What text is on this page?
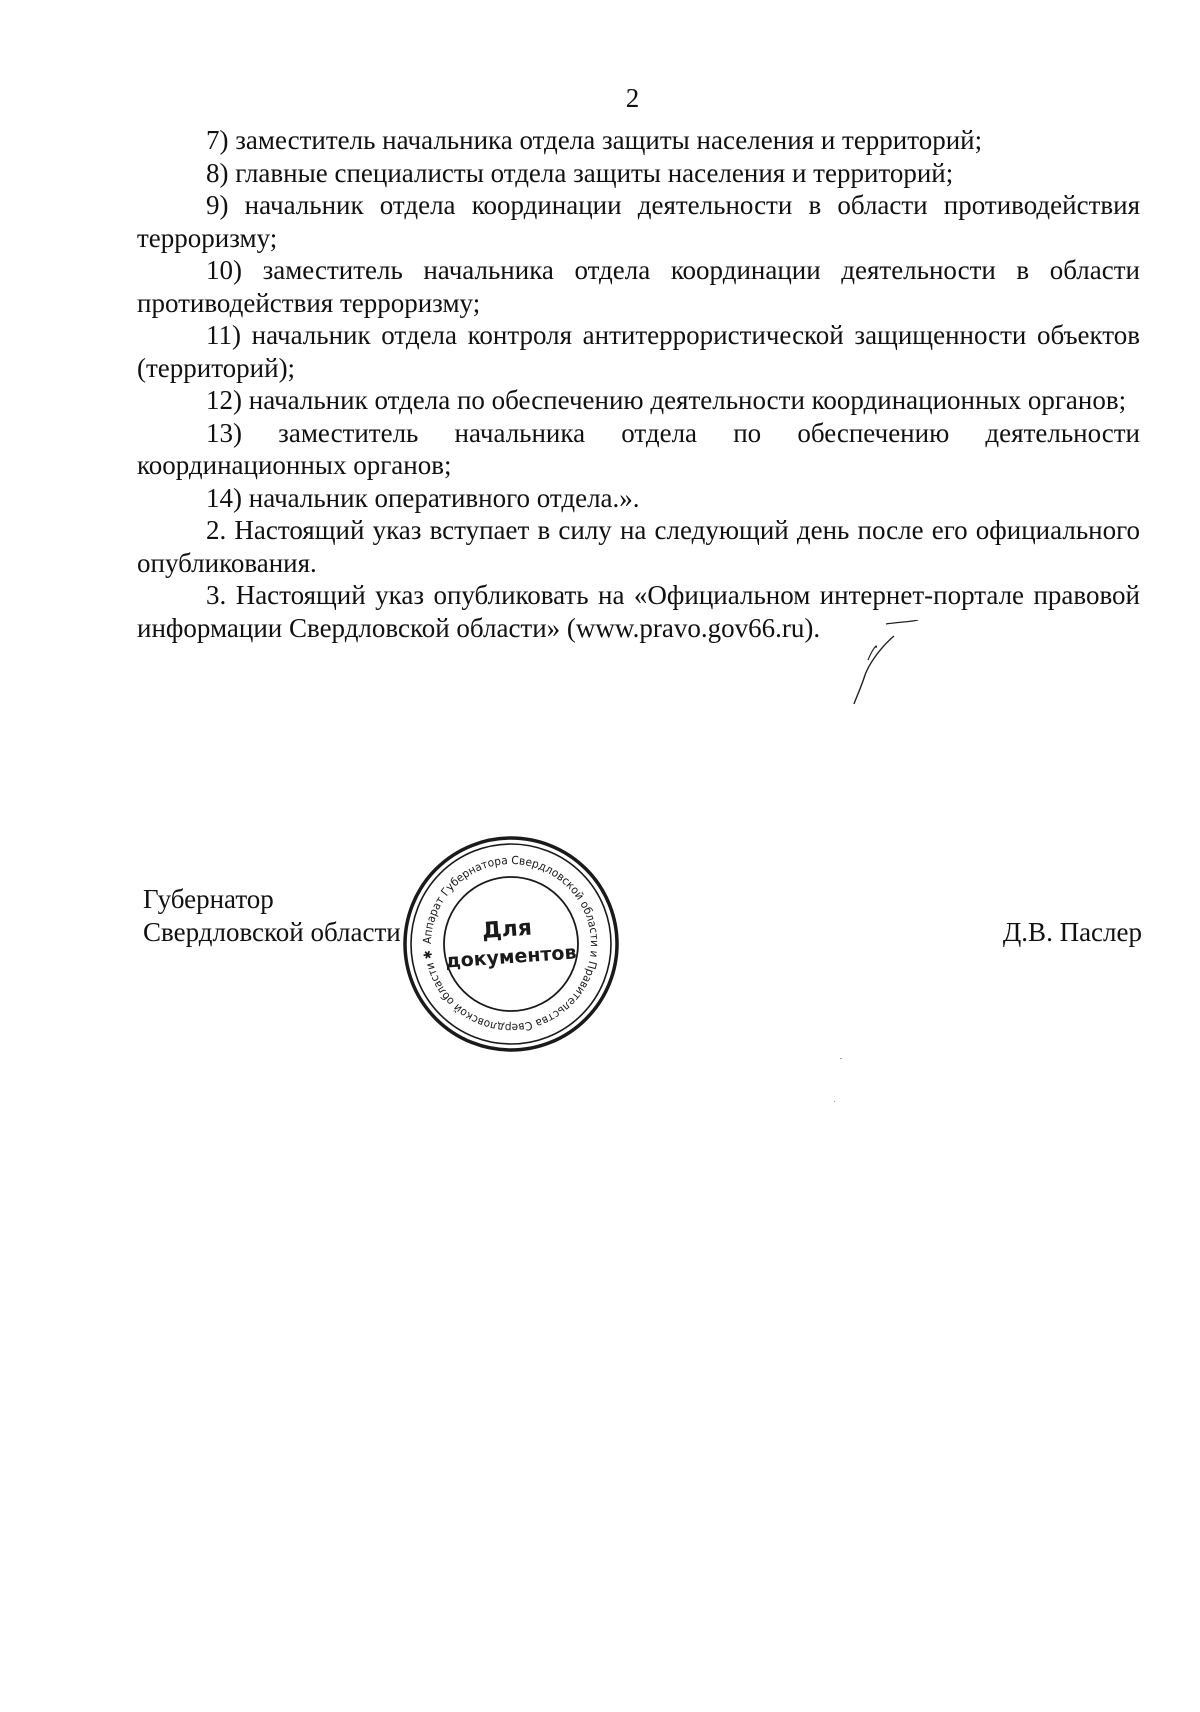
2

7) заместитель начальника отдела защиты населения и территорий;

8) главные специалисты отдела защиты населения и территорий;

9) начальник отдела координации деятельности в области противодействия терроризму;

10) заместитель начальника отдела координации деятельности в области противодействия терроризму;

11) начальник отдела контроля антитеррористической защищенности объектов (территорий);

12) начальник отдела по обеспечению деятельности координационных органов;

13) заместитель начальника отдела по обеспечению деятельности координационных органов;

14) начальник оперативного отдела.».

2. Настоящий указ вступает в силу на следующий день после его официального опубликования.

3. Настоящий указ опубликовать на «Официальном интернет-портале правовой информации Свердловской области» (www.pravo.gov66.ru).

Губернатор
Свердловской области	Д.В. Паслер
Аппарат Губернатора Свердловской области и Правительства Свердловской области ✱
Для
документов
